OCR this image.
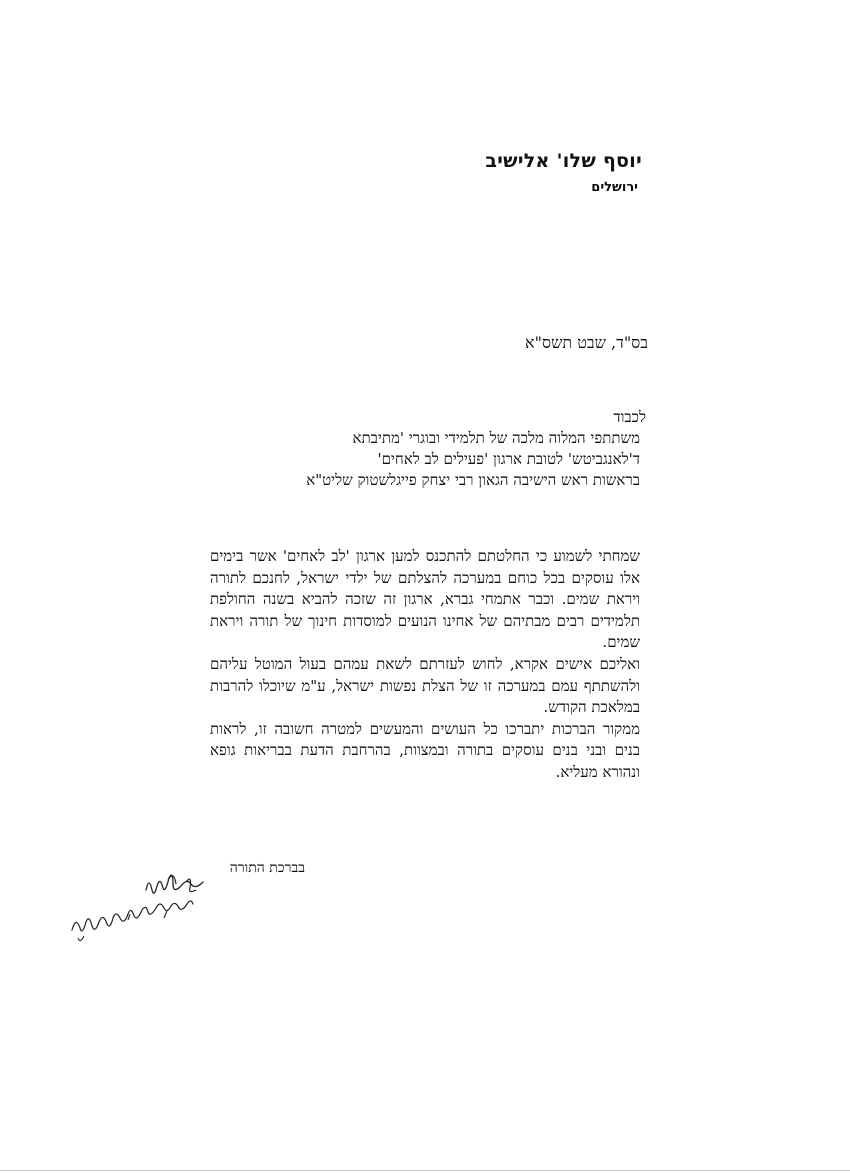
יוסף שלו' אלישיב
ירושלים
בס"ד, שבט תשס"א
לכבוד
משתתפי המלוה מלכה של תלמידי ובוגרי 'מתיבתא
ד'לאנגביטש' לטובת ארגון 'פעילים לב לאחים'
בראשות ראש הישיבה הגאון רבי יצחק פייגלשטוק שליט"א

שמחתי לשמוע כי החלטתם להתכנס למען ארגון 'לב לאחים' אשר בימים אלו עוסקים בכל כוחם במערכה להצלתם של ילדי ישראל, לחנכם לתורה ויראת שמים. וכבר אתמחי גברא, ארגון זה שזכה להביא בשנה החולפת תלמידים רבים מבתיהם של אחינו הנועים למוסדות חינוך של תורה ויראת שמים.

ואליכם אישים אקרא, לחוש לעזרתם לשאת עמהם בעול המוטל עליהם ולהשתתף עמם במערכה זו של הצלת נפשות ישראל, ע"מ שיוכלו להרבות במלאכת הקודש.

ממקור הברכות יתברכו כל העושים והמעשים למטרה חשובה זו, לראות בנים ובני בנים עוסקים בתורה ובמצוות, בהרחבת הדעת בבריאות גופא ונהורא מעליא.

בברכת התורה
